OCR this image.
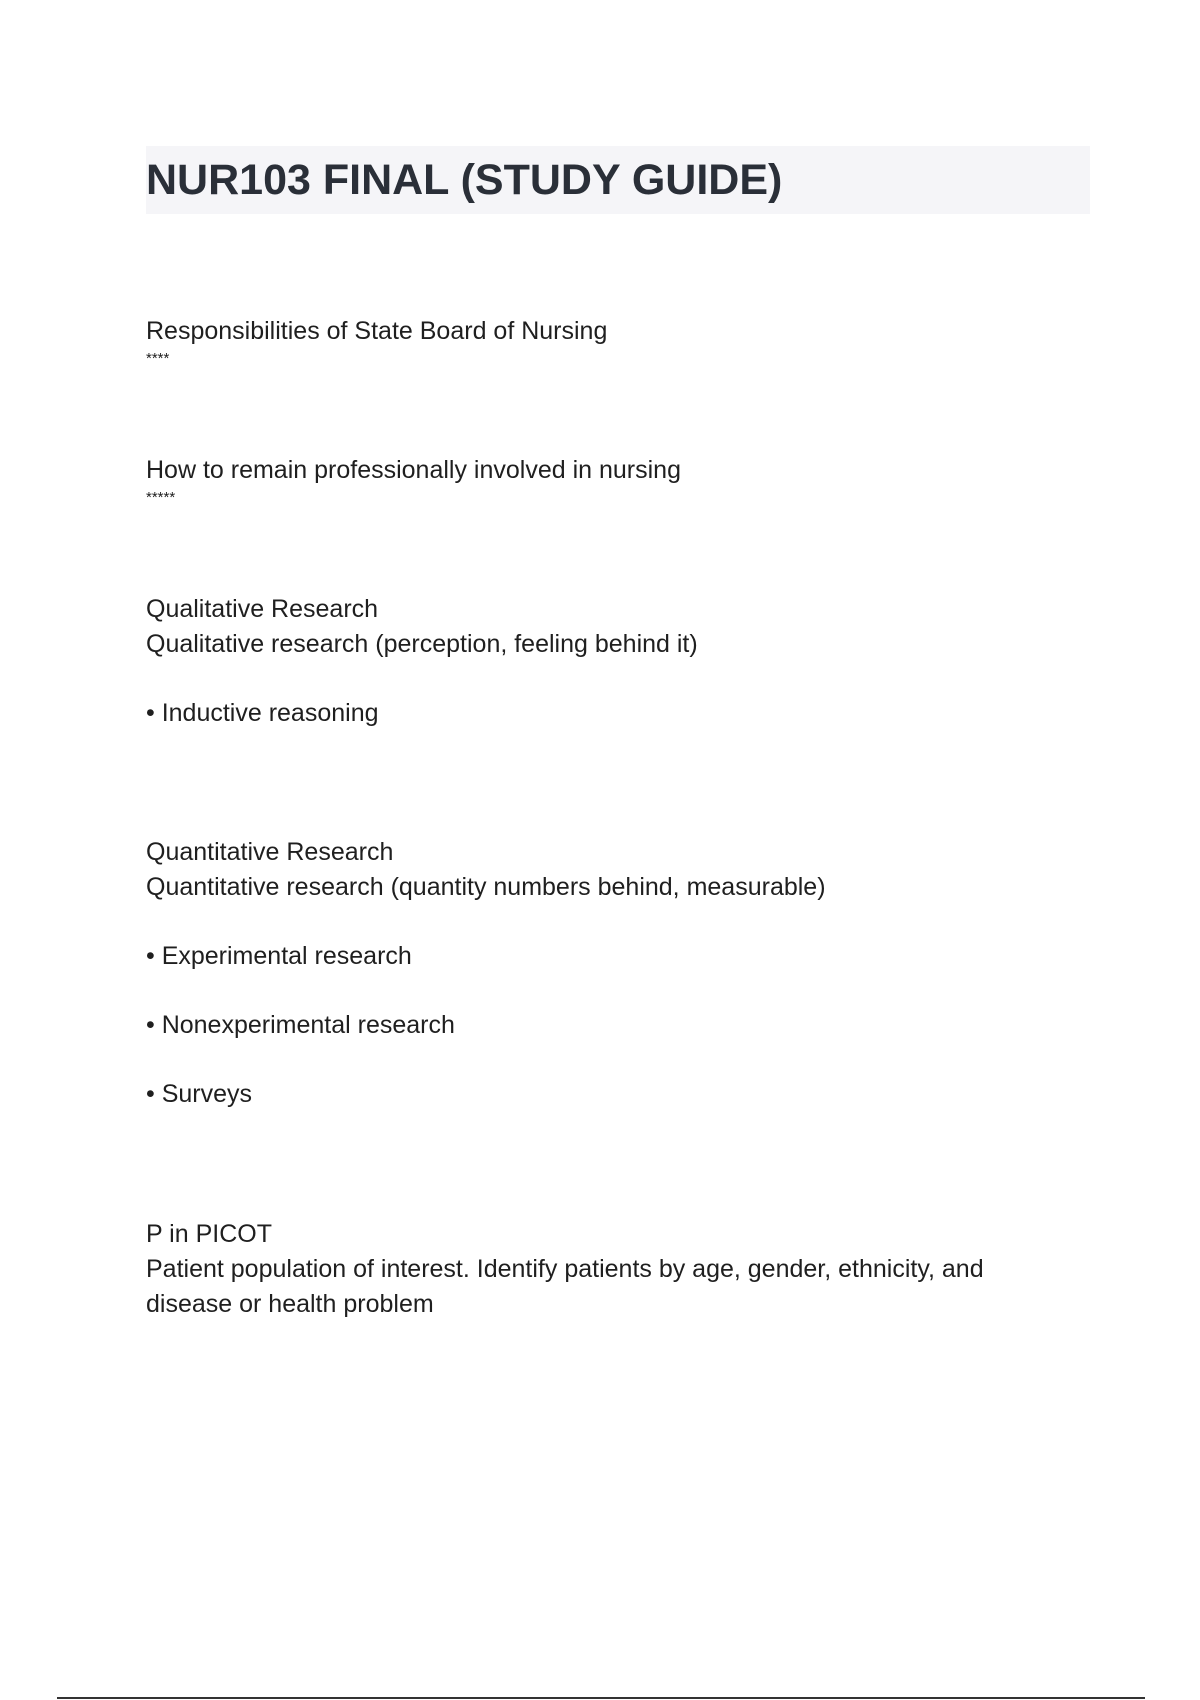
NUR103 FINAL (STUDY GUIDE)
Responsibilities of State Board of Nursing
****
How to remain professionally involved in nursing
*****
Qualitative Research
Qualitative research (perception, feeling behind it)
• Inductive reasoning
Quantitative Research
Quantitative research (quantity numbers behind, measurable)
• Experimental research
• Nonexperimental research
• Surveys
P in PICOT
Patient population of interest. Identify patients by age, gender, ethnicity, and disease or health problem
